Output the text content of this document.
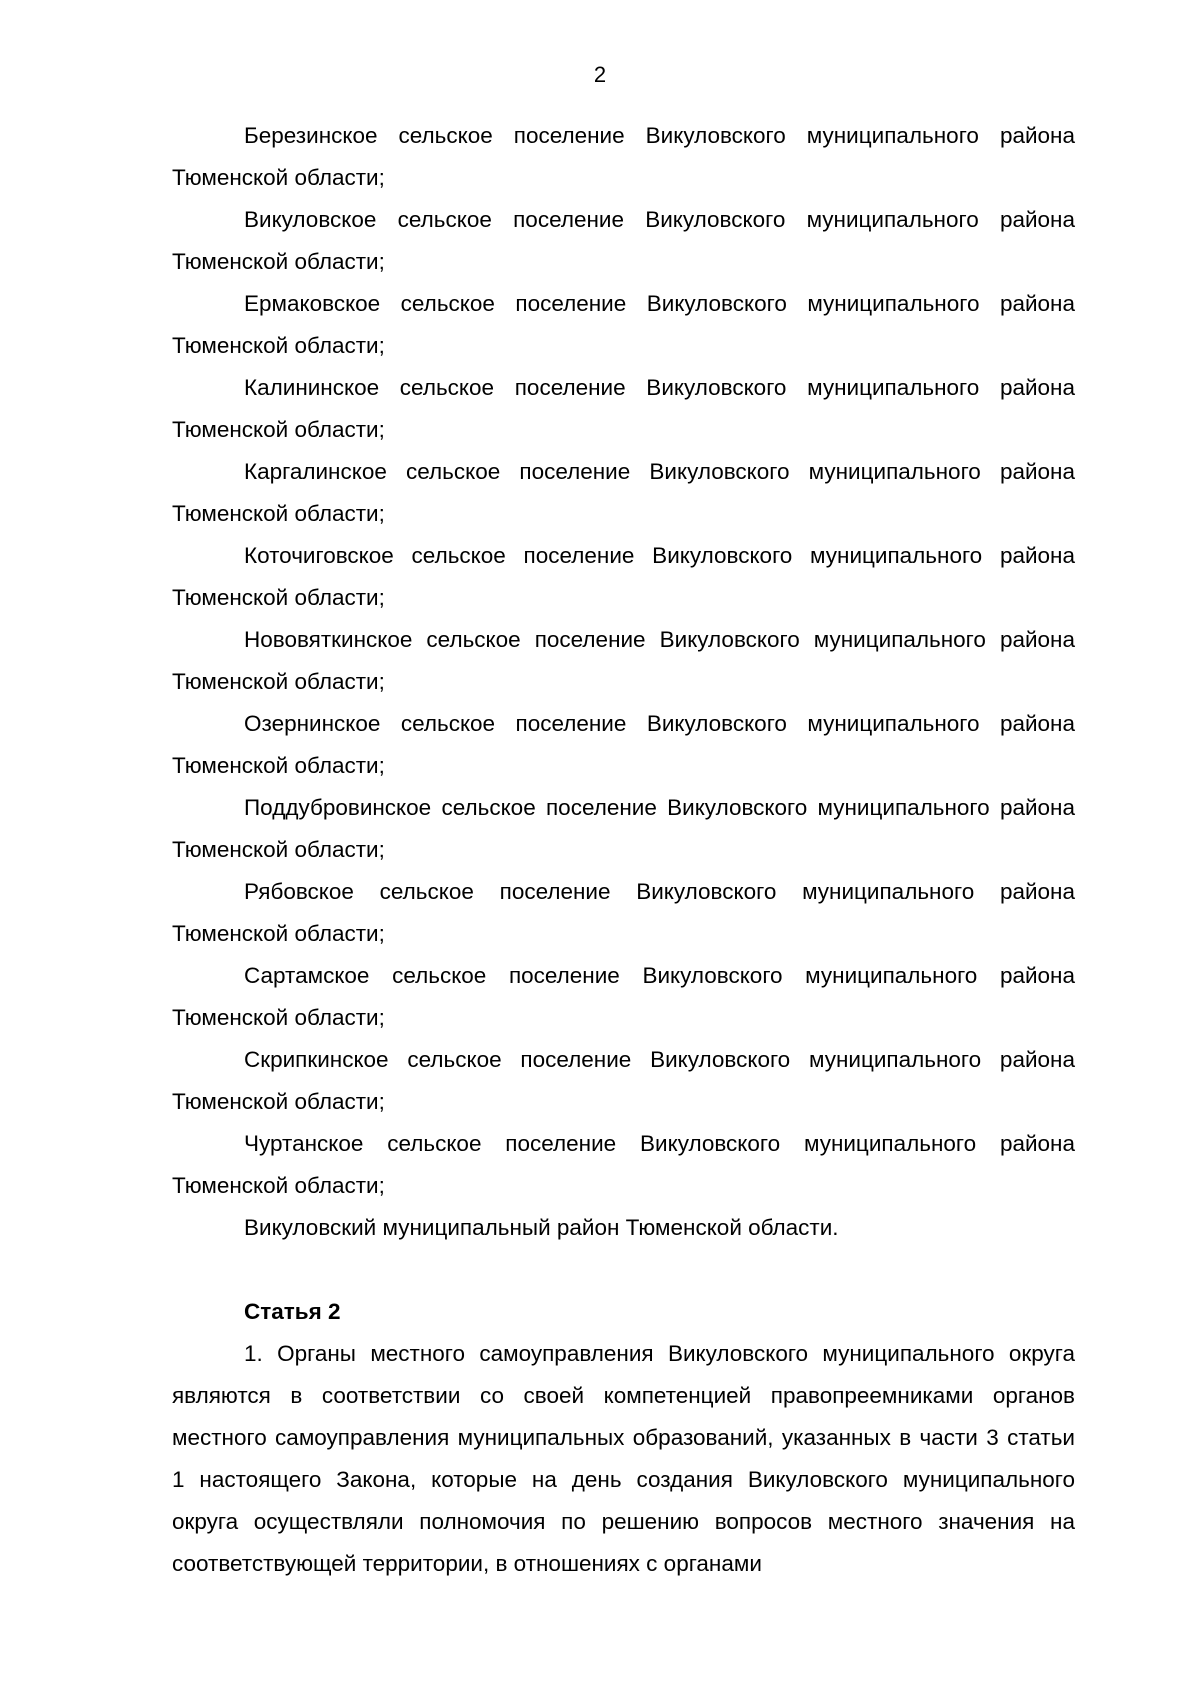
2

Березинское сельское поселение Викуловского муниципального района Тюменской области;

Викуловское сельское поселение Викуловского муниципального района Тюменской области;

Ермаковское сельское поселение Викуловского муниципального района Тюменской области;

Калининское сельское поселение Викуловского муниципального района Тюменской области;

Каргалинское сельское поселение Викуловского муниципального района Тюменской области;

Коточиговское сельское поселение Викуловского муниципального района Тюменской области;

Нововяткинское сельское поселение Викуловского муниципального района Тюменской области;

Озернинское сельское поселение Викуловского муниципального района Тюменской области;

Поддубровинское сельское поселение Викуловского муниципального района Тюменской области;

Рябовское сельское поселение Викуловского муниципального района Тюменской области;

Сартамское сельское поселение Викуловского муниципального района Тюменской области;

Скрипкинское сельское поселение Викуловского муниципального района Тюменской области;

Чуртанское сельское поселение Викуловского муниципального района Тюменской области;

Викуловский муниципальный район Тюменской области.

Статья 2

1. Органы местного самоуправления Викуловского муниципального округа являются в соответствии со своей компетенцией правопреемниками органов местного самоуправления муниципальных образований, указанных в части 3 статьи 1 настоящего Закона, которые на день создания Викуловского муниципального округа осуществляли полномочия по решению вопросов местного значения на соответствующей территории, в отношениях с органами
